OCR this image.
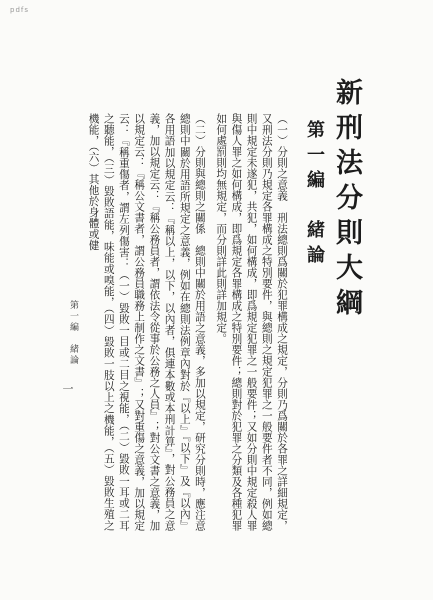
pdfs
新刑法分則大綱
第一編　緒論
（一）分則之意義　刑法總則爲關於犯罪構成之規定，分則乃爲關於各罪之詳細規定，又刑法分則乃規定各罪構成之特別要件，與總則之規定犯罪之一般要件者不同，例如總則中規定未遂犯，共犯，如何構成，即爲規定犯罪之一般要件；又如分則中規定殺人罪與傷人罪之如何構成，即爲規定各罪構成之特別要件；總則對於犯罪之分類及各種犯罪如何處罰則均無規定，而分則詳此則詳加規定。
（二）分則與總則之關係　總則中關於用語之意義，多加以規定，研究分則時，應注意總則中關於用語所規定之意義，例如在總則法例章內對於『以上』『以下』及『以內』各用語加以規定云：『稱以上，以下，以內者，俱連本數或本刑計算』，對公務員之意義，加以規定云：『稱公務員者，謂依法令從事於公務之人員』；對公文書之意義，加以規定云：『稱公文書者，謂公務員職務上制作之文書』；又對重傷之意義，加以規定云：『稱重傷者，謂左列傷害：（一）毀敗一目或二目之視能，（二）毀敗一耳或二耳之聽能，（三）毀敗語能，味能或嗅能，（四）毀敗一肢以上之機能，（五）毀敗生殖之機能，（六）其他於身體或健
第一編　緒論
一
